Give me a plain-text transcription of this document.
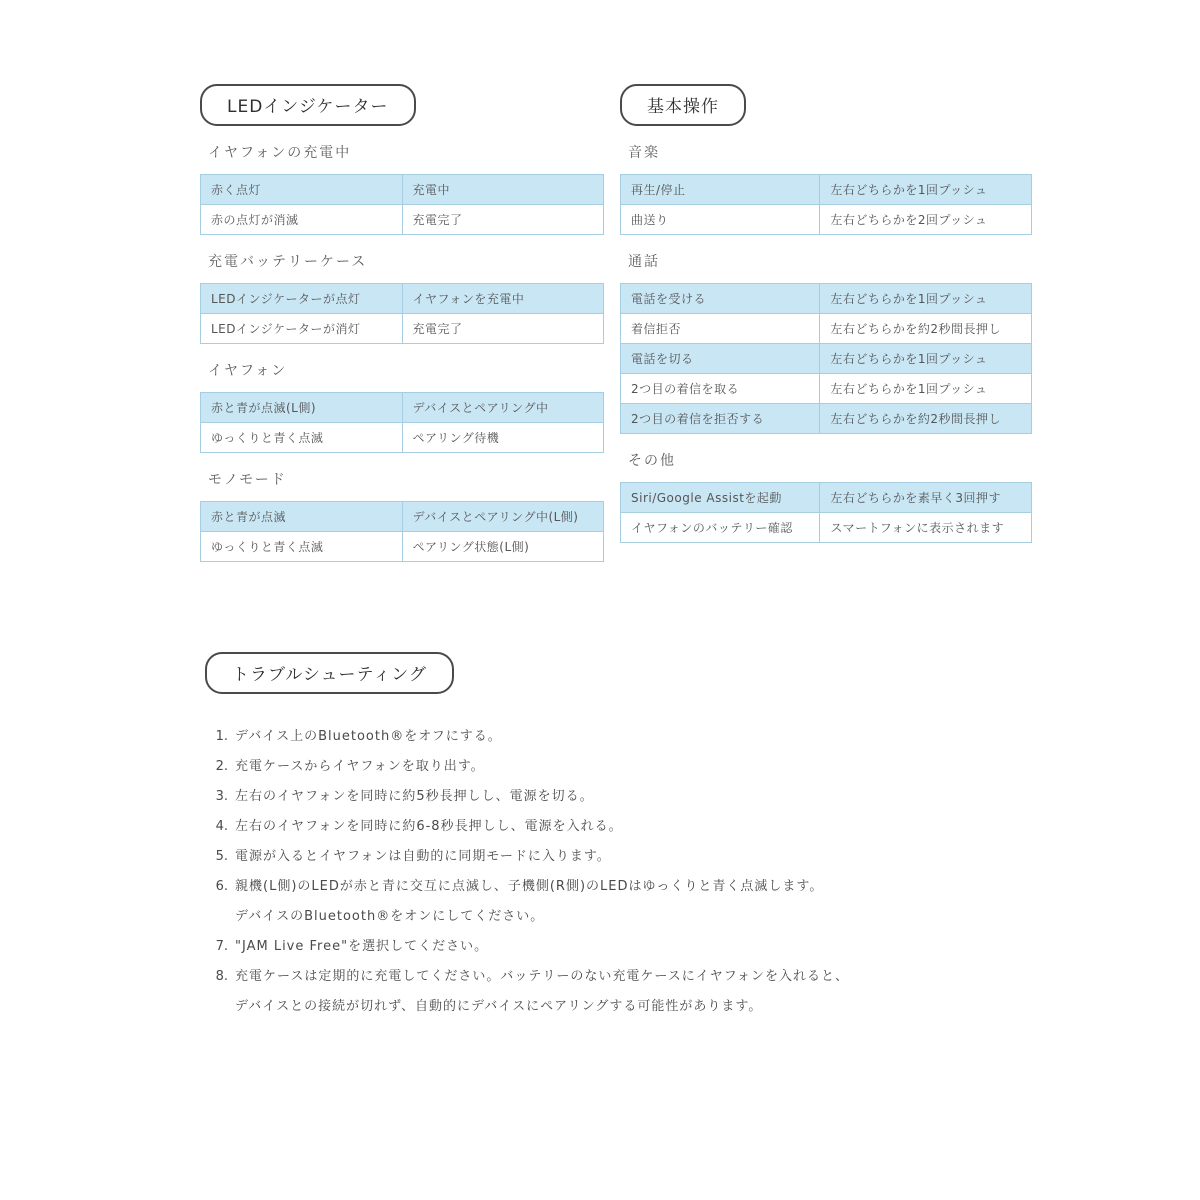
LEDインジケーター
イヤフォンの充電中
赤く点灯	充電中
赤の点灯が消滅	充電完了
充電バッテリーケース
LEDインジケーターが点灯	イヤフォンを充電中
LEDインジケーターが消灯	充電完了
イヤフォン
赤と青が点滅(L側)	デバイスとペアリング中
ゆっくりと青く点滅	ペアリング待機
モノモード
赤と青が点滅	デバイスとペアリング中(L側)
ゆっくりと青く点滅	ペアリング状態(L側)
基本操作
音楽
再生/停止	左右どちらかを1回プッシュ
曲送り	左右どちらかを2回プッシュ
通話
電話を受ける	左右どちらかを1回プッシュ
着信拒否	左右どちらかを約2秒間長押し
電話を切る	左右どちらかを1回プッシュ
2つ目の着信を取る	左右どちらかを1回プッシュ
2つ目の着信を拒否する	左右どちらかを約2秒間長押し
その他
Siri/Google Assistを起動	左右どちらかを素早く3回押す
イヤフォンのバッテリー確認	スマートフォンに表示されます
トラブルシューティング
1. デバイス上のBluetooth®をオフにする。
2. 充電ケースからイヤフォンを取り出す。
3. 左右のイヤフォンを同時に約5秒長押しし、電源を切る。
4. 左右のイヤフォンを同時に約6-8秒長押しし、電源を入れる。
5. 電源が入るとイヤフォンは自動的に同期モードに入ります。
6. 親機(L側)のLEDが赤と青に交互に点滅し、子機側(R側)のLEDはゆっくりと青く点滅します。
デバイスのBluetooth®をオンにしてください。
7. "JAM Live Free"を選択してください。
8. 充電ケースは定期的に充電してください。バッテリーのない充電ケースにイヤフォンを入れると、
デバイスとの接続が切れず、自動的にデバイスにペアリングする可能性があります。
